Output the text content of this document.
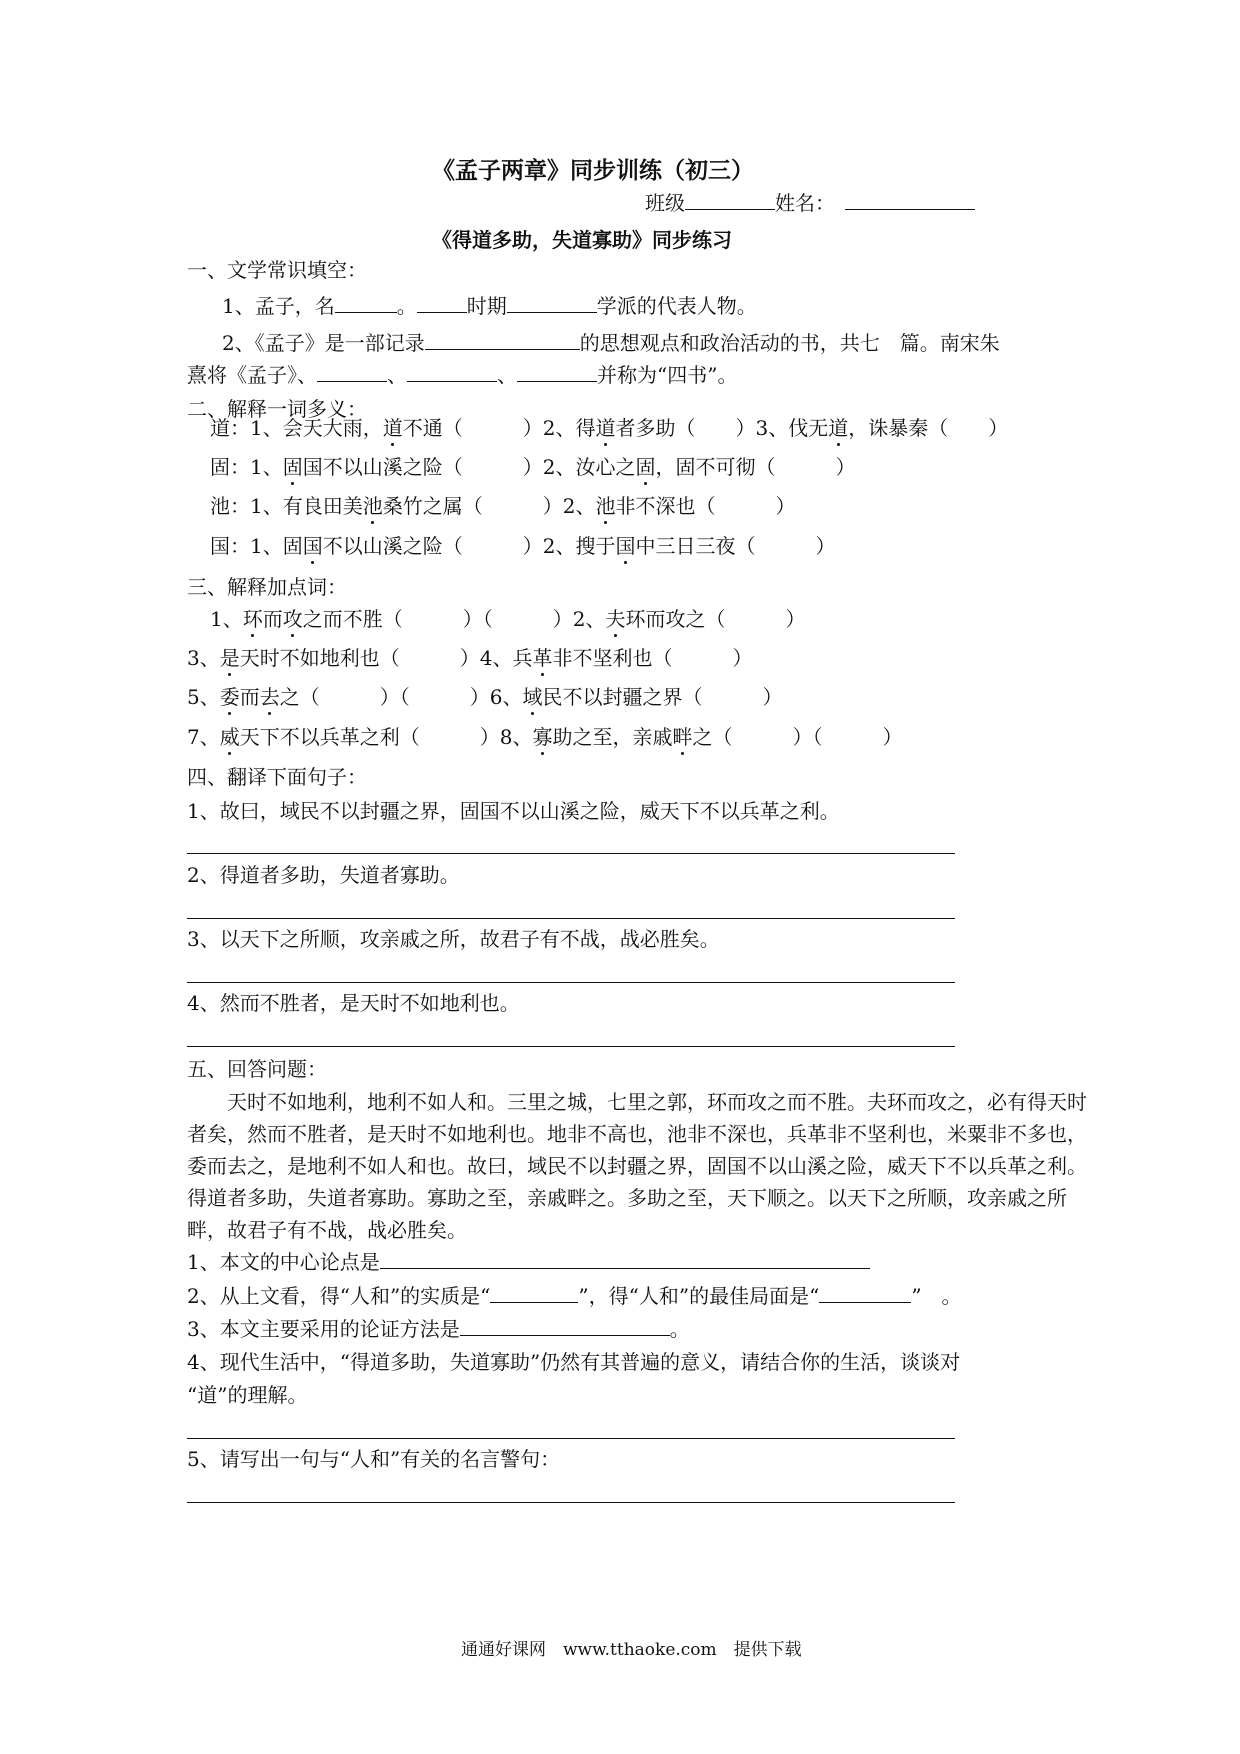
《孟子两章》同步训练（初三）
班级	姓名：
《得道多助，失道寡助》同步练习
一、文学常识填空：
1、孟子，名	。	时期	学派的代表人物。
2、《孟子》是一部记录	的思想观点和政治活动的书，共七　篇。南宋朱
熹将《孟子》、	、	、	并称为“四书”。
二、解释一词多义：
道：1、会天大雨，道不通（　　　）2、得道者多助（　　）3、伐无道，诛暴秦（　　）
固：1、固国不以山溪之险（　　　）2、汝心之固，固不可彻（　　　）
池：1、有良田美池桑竹之属（　　　）2、池非不深也（　　　）
国：1、固国不以山溪之险（　　　）2、搜于国中三日三夜（　　　）
三、解释加点词：
1、环而攻之而不胜（　　　）（　　　）2、夫环而攻之（　　　）
3、是天时不如地利也（　　　）4、兵革非不坚利也（　　　）
5、委而去之（　　　）（　　　）6、域民不以封疆之界（　　　）
7、威天下不以兵革之利（　　　）8、寡助之至，亲戚畔之（　　　）（　　　）
四、翻译下面句子：
1、故曰，域民不以封疆之界，固国不以山溪之险，威天下不以兵革之利。
2、得道者多助，失道者寡助。
3、以天下之所顺，攻亲戚之所，故君子有不战，战必胜矣。
4、然而不胜者，是天时不如地利也。
五、回答问题：
天时不如地利，地利不如人和。三里之城，七里之郭，环而攻之而不胜。夫环而攻之，必有得天时者矣，然而不胜者，是天时不如地利也。地非不高也，池非不深也，兵革非不坚利也，米粟非不多也，委而去之，是地利不如人和也。故曰，域民不以封疆之界，固国不以山溪之险，威天下不以兵革之利。得道者多助，失道者寡助。寡助之至，亲戚畔之。多助之至，天下顺之。以天下之所顺，攻亲戚之所畔，故君子有不战，战必胜矣。
1、本文的中心论点是
2、从上文看，得“人和”的实质是“	”，得“人和”的最佳局面是“	”　。
3、本文主要采用的论证方法是	。
4、现代生活中，“得道多助，失道寡助”仍然有其普遍的意义，请结合你的生活，谈谈对
“道”的理解。
5、请写出一句与“人和”有关的名言警句：
通通好课网　www.tthaoke.com　提供下载
